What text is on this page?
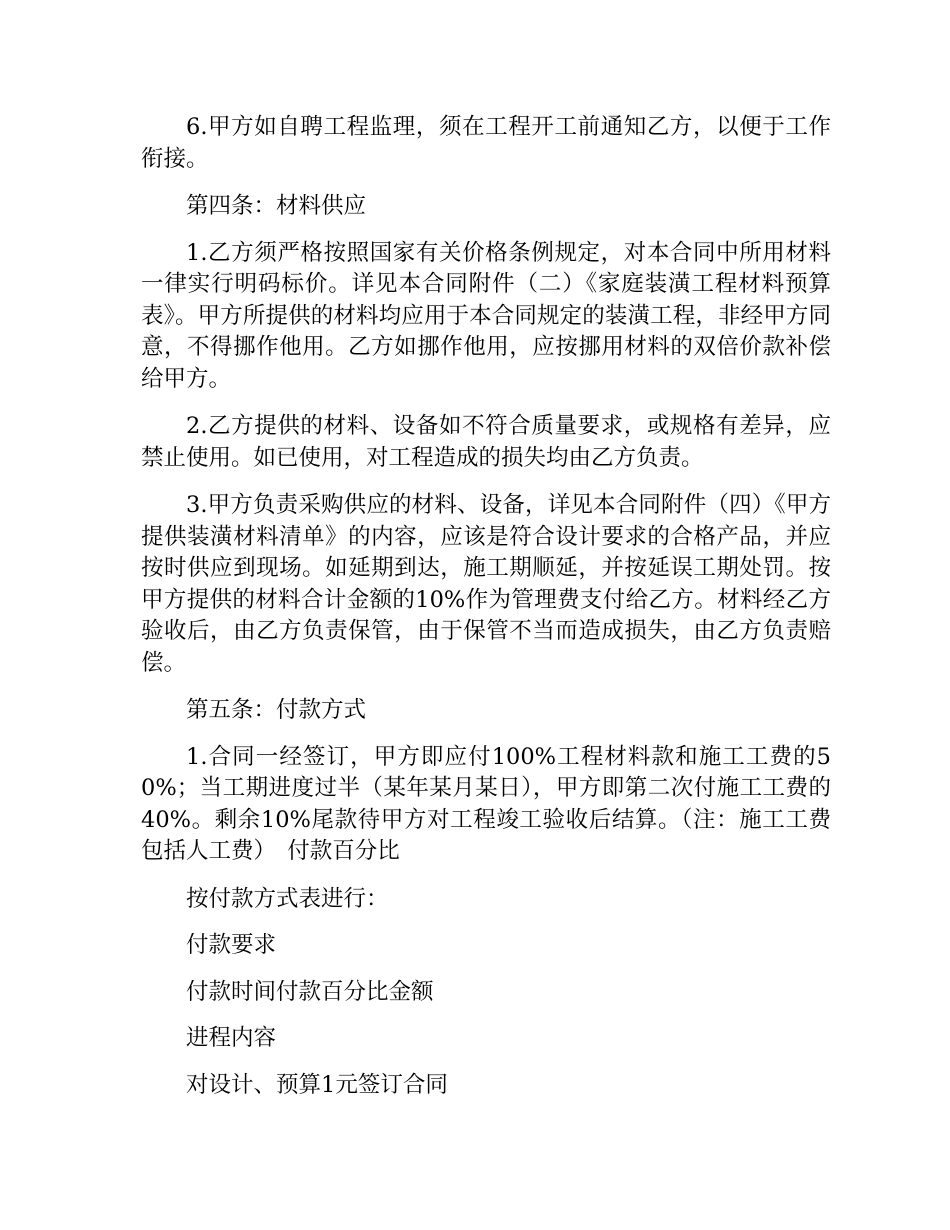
6.甲方如自聘工程监理，须在工程开工前通知乙方，以便于工作衔接。

第四条：材料供应

1.乙方须严格按照国家有关价格条例规定，对本合同中所用材料一律实行明码标价。详见本合同附件（二）《家庭装潢工程材料预算表》。甲方所提供的材料均应用于本合同规定的装潢工程，非经甲方同意，不得挪作他用。乙方如挪作他用，应按挪用材料的双倍价款补偿给甲方。

2.乙方提供的材料、设备如不符合质量要求，或规格有差异，应禁止使用。如已使用，对工程造成的损失均由乙方负责。

3.甲方负责采购供应的材料、设备，详见本合同附件（四）《甲方提供装潢材料清单》的内容，应该是符合设计要求的合格产品，并应按时供应到现场。如延期到达，施工期顺延，并按延误工期处罚。按甲方提供的材料合计金额的10%作为管理费支付给乙方。材料经乙方验收后，由乙方负责保管，由于保管不当而造成损失，由乙方负责赔偿。

第五条：付款方式

1.合同一经签订，甲方即应付100%工程材料款和施工工费的50%；当工期进度过半（某年某月某日），甲方即第二次付施工工费的40%。剩余10%尾款待甲方对工程竣工验收后结算。（注：施工工费包括人工费）　付款百分比

按付款方式表进行：

付款要求

付款时间付款百分比金额

进程内容

对设计、预算1元签订合同
